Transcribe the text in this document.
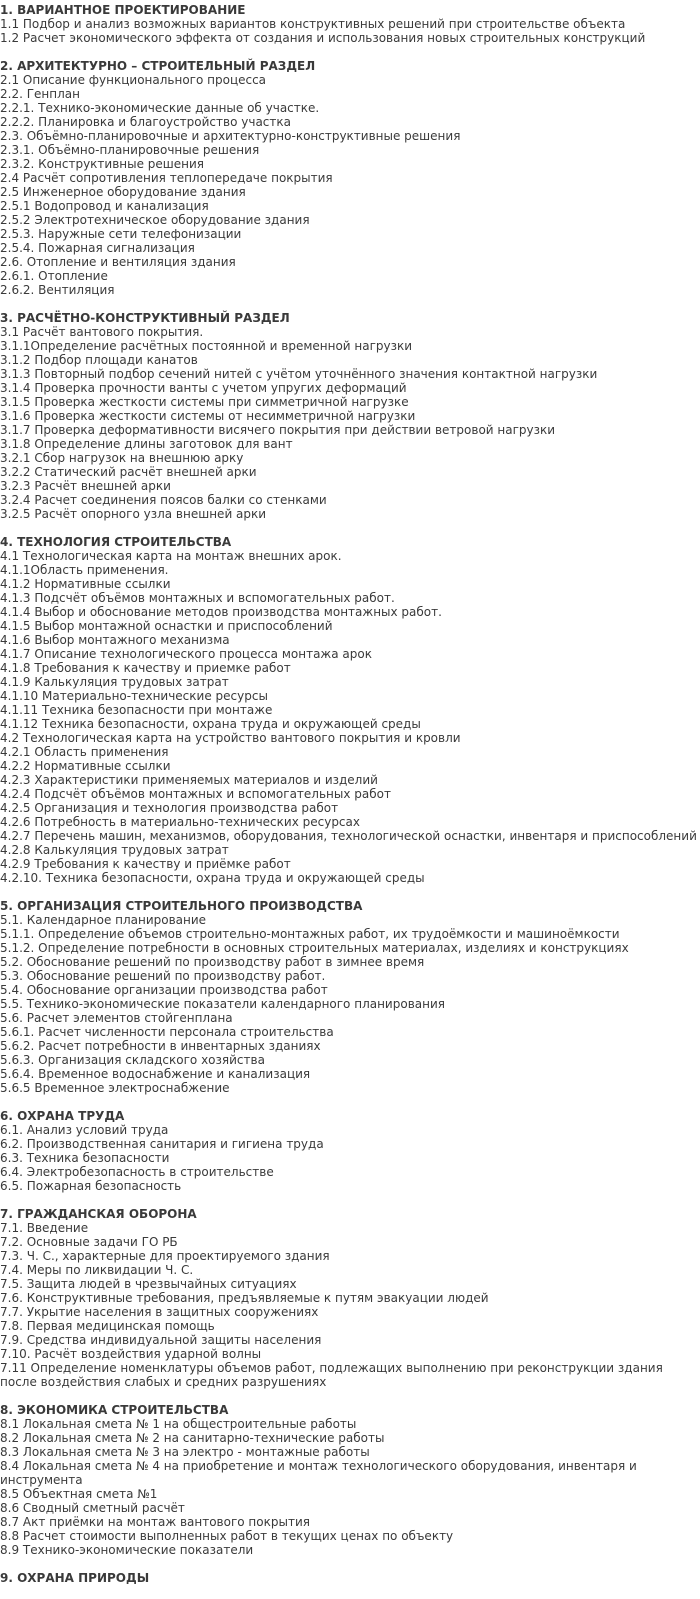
1. ВАРИАНТНОЕ ПРОЕКТИРОВАНИЕ
1.1 Подбор и анализ возможных вариантов конструктивных решений при строительстве объекта
1.2 Расчет экономического эффекта от создания и использования новых строительных конструкций
2. АРХИТЕКТУРНО – СТРОИТЕЛЬНЫЙ РАЗДЕЛ
2.1 Описание функционального процесса
2.2. Генплан
2.2.1. Технико-экономические данные об участке.
2.2.2. Планировка и благоустройство участка
2.3. Объёмно-планировочные и архитектурно-конструктивные решения
2.3.1. Объёмно-планировочные решения
2.3.2. Конструктивные решения
2.4 Расчёт сопротивления теплопередаче покрытия
2.5 Инженерное оборудование здания
2.5.1 Водопровод и канализация
2.5.2 Электротехническое оборудование здания
2.5.3. Наружные сети телефонизации
2.5.4. Пожарная сигнализация
2.6. Отопление и вентиляция здания
2.6.1. Отопление
2.6.2. Вентиляция
3. РАСЧЁТНО-КОНСТРУКТИВНЫЙ РАЗДЕЛ
3.1 Расчёт вантового покрытия.
3.1.1Определение расчётных постоянной и временной нагрузки
3.1.2 Подбор площади канатов
3.1.3 Повторный подбор сечений нитей с учётом уточнённого значения контактной нагрузки
3.1.4 Проверка прочности ванты с учетом упругих деформаций
3.1.5 Проверка жесткости системы при симметричной нагрузке
3.1.6 Проверка жесткости системы от несимметричной нагрузки
3.1.7 Проверка деформативности висячего покрытия при действии ветровой нагрузки
3.1.8 Определение длины заготовок для вант
3.2.1 Сбор нагрузок на внешнюю арку
3.2.2 Статический расчёт внешней арки
3.2.3 Расчёт внешней арки
3.2.4 Расчет соединения поясов балки со стенками
3.2.5 Расчёт опорного узла внешней арки
4. ТЕХНОЛОГИЯ СТРОИТЕЛЬСТВА
4.1 Технологическая карта на монтаж внешних арок.
4.1.1Область применения.
4.1.2 Нормативные ссылки
4.1.3 Подсчёт объёмов монтажных и вспомогательных работ.
4.1.4 Выбор и обоснование методов производства монтажных работ.
4.1.5 Выбор монтажной оснастки и приспособлений
4.1.6 Выбор монтажного механизма
4.1.7 Описание технологического процесса монтажа арок
4.1.8 Требования к качеству и приемке работ
4.1.9 Калькуляция трудовых затрат
4.1.10 Материально-технические ресурсы
4.1.11 Техника безопасности при монтаже
4.1.12 Техника безопасности, охрана труда и окружающей среды
4.2 Технологическая карта на устройство вантового покрытия и кровли
4.2.1 Область применения
4.2.2 Нормативные ссылки
4.2.3 Характеристики применяемых материалов и изделий
4.2.4 Подсчёт объёмов монтажных и вспомогательных работ
4.2.5 Организация и технология производства работ
4.2.6 Потребность в материально-технических ресурсах
4.2.7 Перечень машин, механизмов, оборудования, технологической оснастки, инвентаря и приспособлений
4.2.8 Калькуляция трудовых затрат
4.2.9 Требования к качеству и приёмке работ
4.2.10. Техника безопасности, охрана труда и окружающей среды
5. ОРГАНИЗАЦИЯ СТРОИТЕЛЬНОГО ПРОИЗВОДСТВА
5.1. Календарное планирование
5.1.1. Определение объемов строительно-монтажных работ, их трудоёмкости и машиноёмкости
5.1.2. Определение потребности в основных строительных материалах, изделиях и конструкциях
5.2. Обоснование решений по производству работ в зимнее время
5.3. Обоснование решений по производству работ.
5.4. Обоснование организации производства работ
5.5. Технико-экономические показатели календарного планирования
5.6. Расчет элементов стойгенплана
5.6.1. Расчет численности персонала строительства
5.6.2. Расчет потребности в инвентарных зданиях
5.6.3. Организация складского хозяйства
5.6.4. Временное водоснабжение и канализация
5.6.5 Временное электроснабжение
6. ОХРАНА ТРУДА
6.1. Анализ условий труда
6.2. Производственная санитария и гигиена труда
6.3. Техника безопасности
6.4. Электробезопасность в строительстве
6.5. Пожарная безопасность
7. ГРАЖДАНСКАЯ ОБОРОНА
7.1. Введение
7.2. Основные задачи ГО РБ
7.3. Ч. С., характерные для проектируемого здания
7.4. Меры по ликвидации Ч. С.
7.5. Защита людей в чрезвычайных ситуациях
7.6. Конструктивные требования, предъявляемые к путям эвакуации людей
7.7. Укрытие населения в защитных сооружениях
7.8. Первая медицинская помощь
7.9. Средства индивидуальной защиты населения
7.10. Расчёт воздействия ударной волны
7.11 Определение номенклатуры объемов работ, подлежащих выполнению при реконструкции здания после воздействия слабых и средних разрушениях
8. ЭКОНОМИКА СТРОИТЕЛЬСТВА
8.1 Локальная смета № 1 на общестроительные работы
8.2 Локальная смета № 2 на санитарно-технические работы
8.3 Локальная смета № 3 на электро - монтажные работы
8.4 Локальная смета № 4 на приобретение и монтаж технологического оборудования, инвентаря и инструмента
8.5 Объектная смета №1
8.6 Сводный сметный расчёт
8.7 Акт приёмки на монтаж вантового покрытия
8.8 Расчет стоимости выполненных работ в текущих ценах по объекту
8.9 Технико-экономические показатели
9. ОХРАНА ПРИРОДЫ
